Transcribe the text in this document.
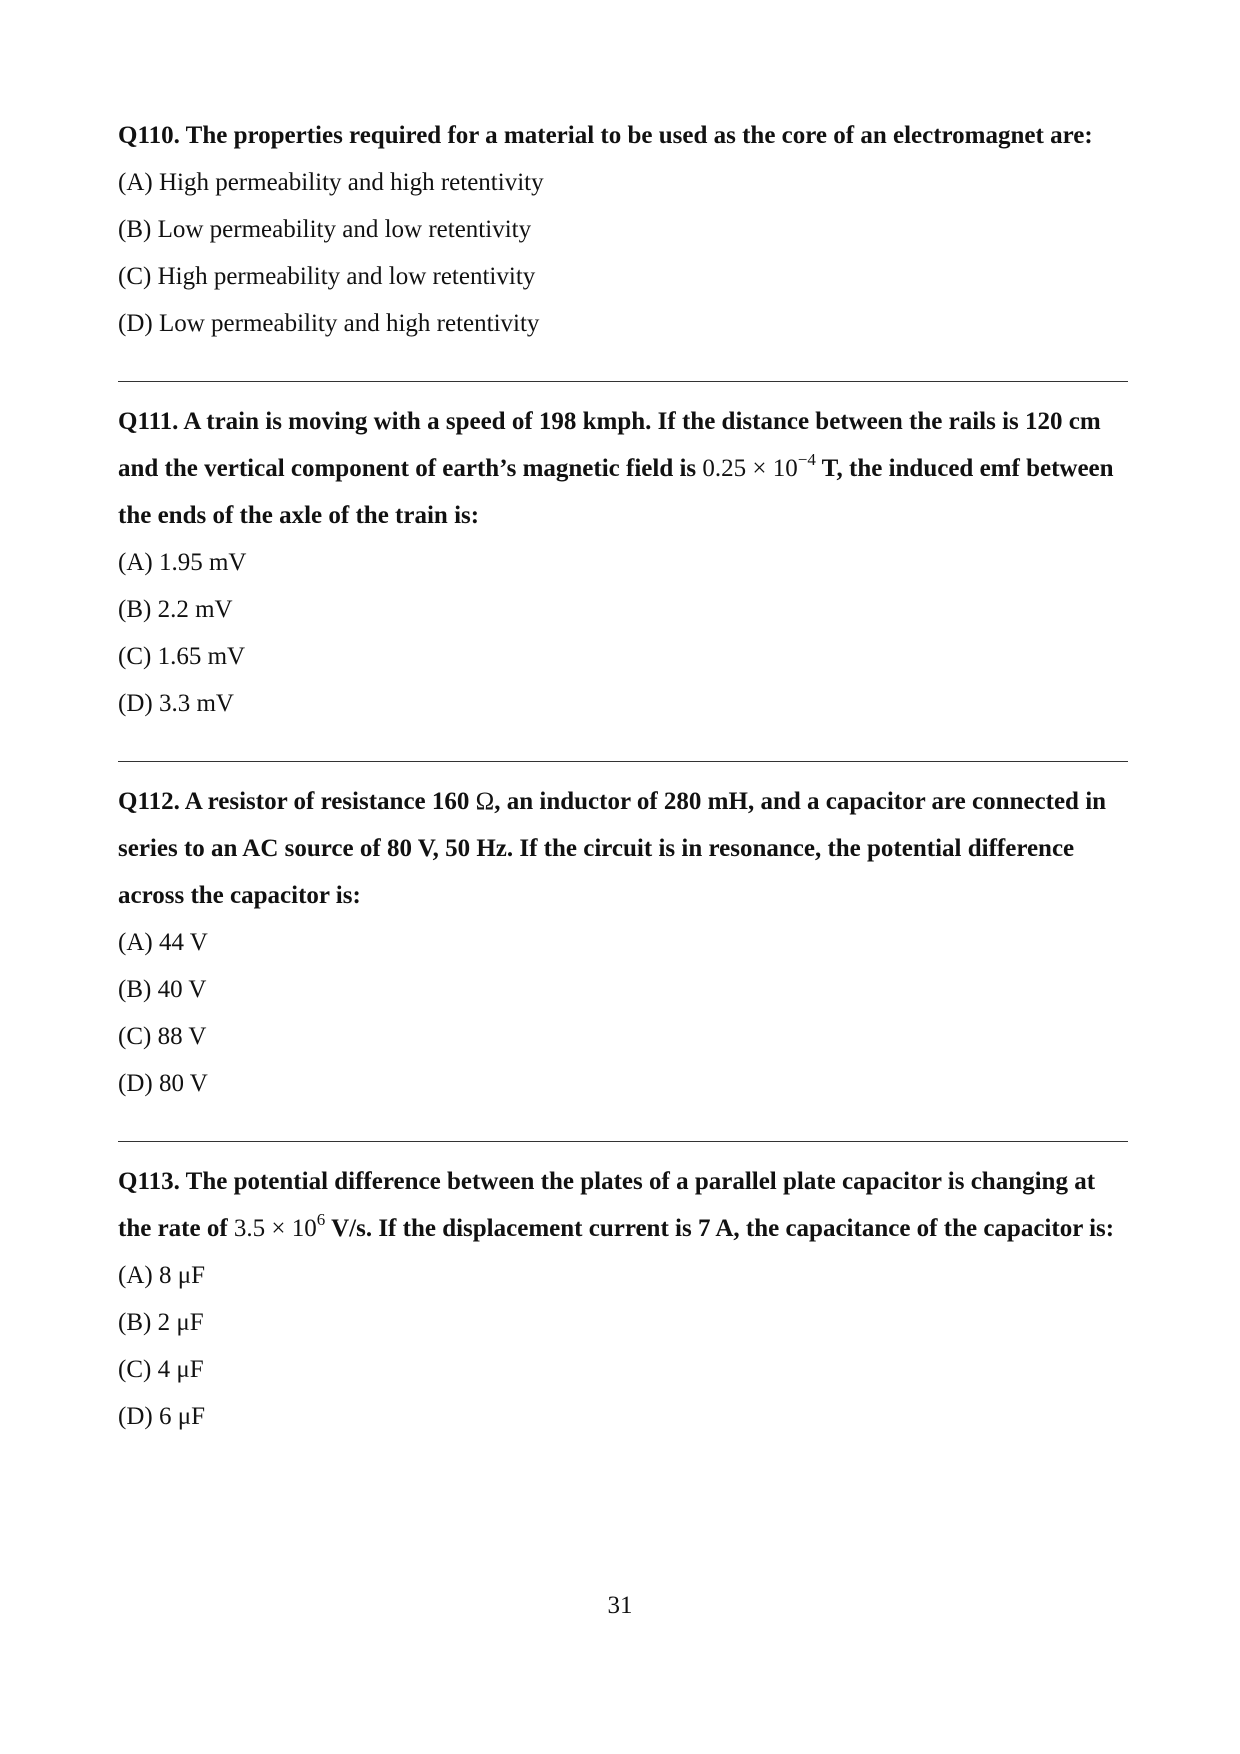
Q110. The properties required for a material to be used as the core of an electromagnet are:

(A) High permeability and high retentivity

(B) Low permeability and low retentivity

(C) High permeability and low retentivity

(D) Low permeability and high retentivity

Q111. A train is moving with a speed of 198 kmph. If the distance between the rails is 120 cm and the vertical component of earth’s magnetic field is $0.25 \times 10^{-4}$ T, the induced emf between the ends of the axle of the train is:

(A) 1.95 mV

(B) 2.2 mV

(C) 1.65 mV

(D) 3.3 mV

Q112. A resistor of resistance 160 Ω, an inductor of 280 mH, and a capacitor are connected in series to an AC source of 80 V, 50 Hz. If the circuit is in resonance, the potential difference across the capacitor is:

(A) 44 V

(B) 40 V

(C) 88 V

(D) 80 V

Q113. The potential difference between the plates of a parallel plate capacitor is changing at the rate of $3.5 \times 10^6$ V/s. If the displacement current is 7 A, the capacitance of the capacitor is:

(A) 8 μF

(B) 2 μF

(C) 4 μF

(D) 6 μF

31
